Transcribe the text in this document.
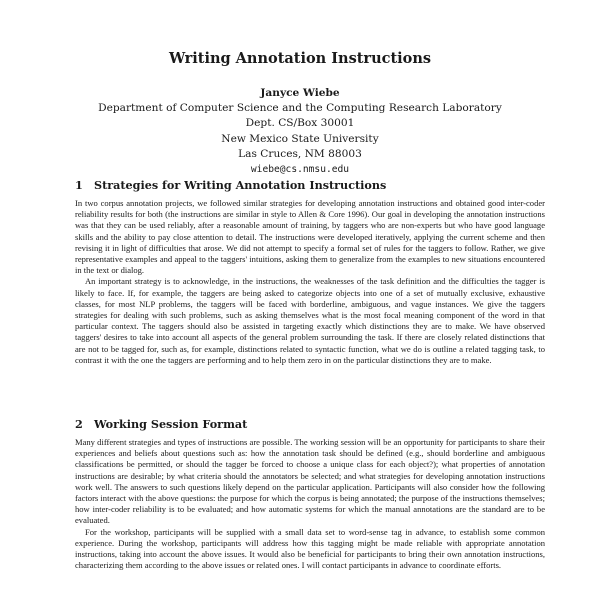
Writing Annotation Instructions
Janyce Wiebe
Department of Computer Science and the Computing Research Laboratory
Dept. CS/Box 30001
New Mexico State University
Las Cruces, NM 88003
wiebe@cs.nmsu.edu
1 Strategies for Writing Annotation Instructions

In two corpus annotation projects, we followed similar strategies for developing annotation instructions and obtained good inter-coder reliability results for both (the instructions are similar in style to Allen & Core 1996). Our goal in developing the annotation instructions was that they can be used reliably, after a reasonable amount of training, by taggers who are non-experts but who have good language skills and the ability to pay close attention to detail. The instructions were developed iteratively, applying the current scheme and then revising it in light of difficulties that arose. We did not attempt to specify a formal set of rules for the taggers to follow. Rather, we give representative examples and appeal to the taggers' intuitions, asking them to generalize from the examples to new situations encountered in the text or dialog.

An important strategy is to acknowledge, in the instructions, the weaknesses of the task definition and the difficulties the tagger is likely to face. If, for example, the taggers are being asked to categorize objects into one of a set of mutually exclusive, exhaustive classes, for most NLP problems, the taggers will be faced with borderline, ambiguous, and vague instances. We give the taggers strategies for dealing with such problems, such as asking themselves what is the most focal meaning component of the word in that particular context. The taggers should also be assisted in targeting exactly which distinctions they are to make. We have observed taggers' desires to take into account all aspects of the general problem surrounding the task. If there are closely related distinctions that are not to be tagged for, such as, for example, distinctions related to syntactic function, what we do is outline a related tagging task, to contrast it with the one the taggers are performing and to help them zero in on the particular distinctions they are to make.

2 Working Session Format

Many different strategies and types of instructions are possible. The working session will be an opportunity for participants to share their experiences and beliefs about questions such as: how the annotation task should be defined (e.g., should borderline and ambiguous classifications be permitted, or should the tagger be forced to choose a unique class for each object?); what properties of annotation instructions are desirable; by what criteria should the annotators be selected; and what strategies for developing annotation instructions work well. The answers to such questions likely depend on the particular application. Participants will also consider how the following factors interact with the above questions: the purpose for which the corpus is being annotated; the purpose of the instructions themselves; how inter-coder reliability is to be evaluated; and how automatic systems for which the manual annotations are the standard are to be evaluated.

For the workshop, participants will be supplied with a small data set to word-sense tag in advance, to establish some common experience. During the workshop, participants will address how this tagging might be made reliable with appropriate annotation instructions, taking into account the above issues. It would also be beneficial for participants to bring their own annotation instructions, characterizing them according to the above issues or related ones. I will contact participants in advance to coordinate efforts.
